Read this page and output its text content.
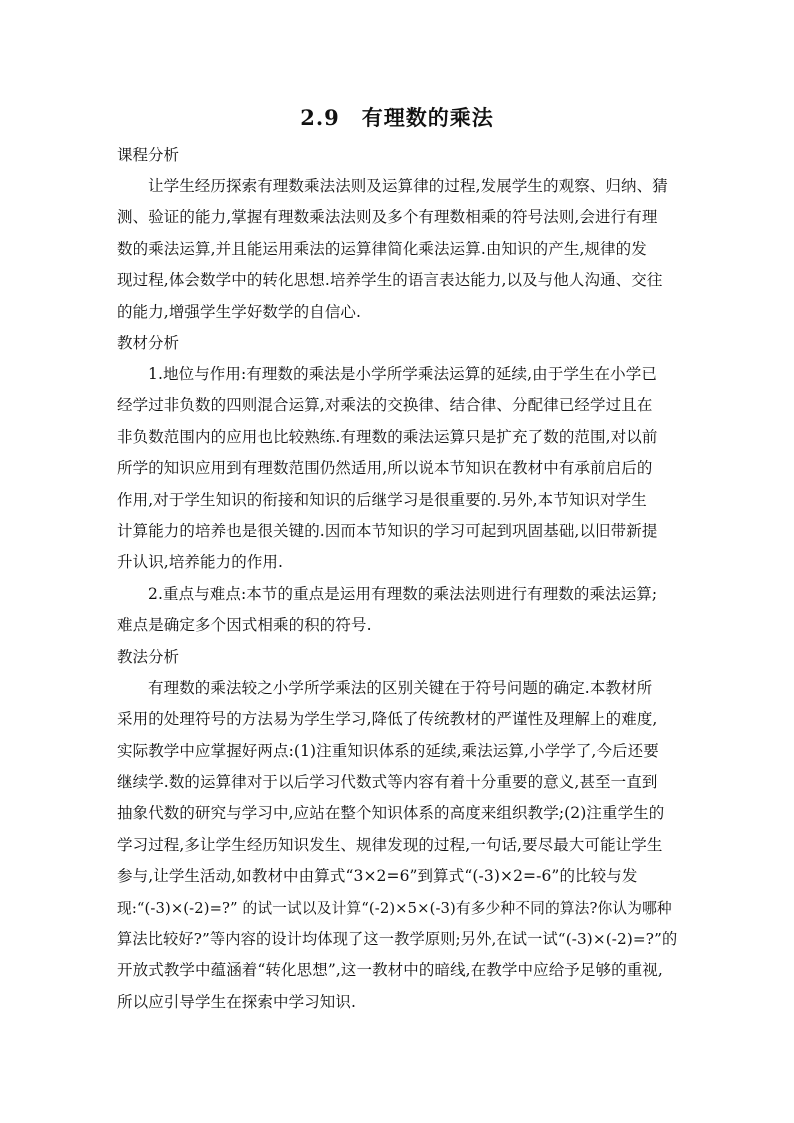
2.9 有理数的乘法

课程分析

让学生经历探索有理数乘法法则及运算律的过程,发展学生的观察、归纳、猜

测、验证的能力,掌握有理数乘法法则及多个有理数相乘的符号法则,会进行有理

数的乘法运算,并且能运用乘法的运算律简化乘法运算.由知识的产生,规律的发

现过程,体会数学中的转化思想.培养学生的语言表达能力,以及与他人沟通、交往

的能力,增强学生学好数学的自信心.

教材分析

1.地位与作用:有理数的乘法是小学所学乘法运算的延续,由于学生在小学已

经学过非负数的四则混合运算,对乘法的交换律、结合律、分配律已经学过且在

非负数范围内的应用也比较熟练.有理数的乘法运算只是扩充了数的范围,对以前

所学的知识应用到有理数范围仍然适用,所以说本节知识在教材中有承前启后的

作用,对于学生知识的衔接和知识的后继学习是很重要的.另外,本节知识对学生

计算能力的培养也是很关键的.因而本节知识的学习可起到巩固基础,以旧带新提

升认识,培养能力的作用.

2.重点与难点:本节的重点是运用有理数的乘法法则进行有理数的乘法运算;

难点是确定多个因式相乘的积的符号.

教法分析

有理数的乘法较之小学所学乘法的区别关键在于符号问题的确定.本教材所

采用的处理符号的方法易为学生学习,降低了传统教材的严谨性及理解上的难度,

实际教学中应掌握好两点:(1)注重知识体系的延续,乘法运算,小学学了,今后还要

继续学.数的运算律对于以后学习代数式等内容有着十分重要的意义,甚至一直到

抽象代数的研究与学习中,应站在整个知识体系的高度来组织教学;(2)注重学生的

学习过程,多让学生经历知识发生、规律发现的过程,一句话,要尽最大可能让学生

参与,让学生活动,如教材中由算式“3×2=6”到算式“(-3)×2=-6”的比较与发

现:“(-3)×(-2)=?” 的试一试以及计算“(-2)×5×(-3)有多少种不同的算法?你认为哪种

算法比较好?”等内容的设计均体现了这一教学原则;另外,在试一试“(-3)×(-2)=?”的

开放式教学中蕴涵着“转化思想”,这一教材中的暗线,在教学中应给予足够的重视,

所以应引导学生在探索中学习知识.
